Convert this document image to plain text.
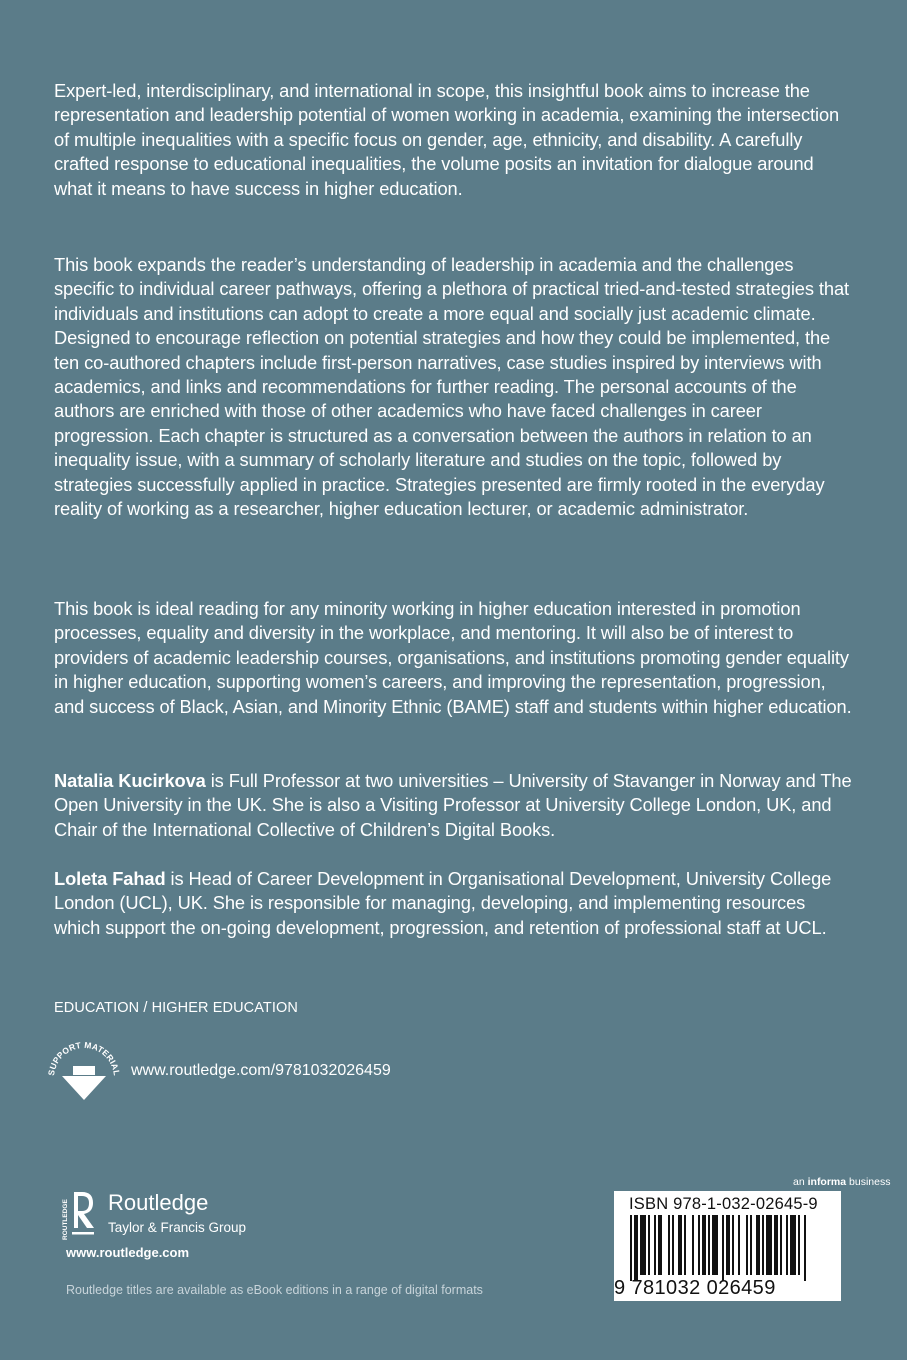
Expert-led, interdisciplinary, and international in scope, this insightful book aims to increase the representation and leadership potential of women working in academia, examining the intersection of multiple inequalities with a specific focus on gender, age, ethnicity, and disability. A carefully crafted response to educational inequalities, the volume posits an invitation for dialogue around what it means to have success in higher education.

This book expands the reader’s understanding of leadership in academia and the challenges specific to individual career pathways, offering a plethora of practical tried-and-tested strategies that individuals and institutions can adopt to create a more equal and socially just academic climate. Designed to encourage reflection on potential strategies and how they could be implemented, the ten co-authored chapters include first-person narratives, case studies inspired by interviews with academics, and links and recommendations for further reading. The personal accounts of the authors are enriched with those of other academics who have faced challenges in career progression. Each chapter is structured as a conversation between the authors in relation to an inequality issue, with a summary of scholarly literature and studies on the topic, followed by strategies successfully applied in practice. Strategies presented are firmly rooted in the everyday reality of working as a researcher, higher education lecturer, or academic administrator.

This book is ideal reading for any minority working in higher education interested in promotion processes, equality and diversity in the workplace, and mentoring. It will also be of interest to providers of academic leadership courses, organisations, and institutions promoting gender equality in higher education, supporting women’s careers, and improving the representation, progression, and success of Black, Asian, and Minority Ethnic (BAME) staff and students within higher education.

Natalia Kucirkova is Full Professor at two universities – University of Stavanger in Norway and The Open University in the UK. She is also a Visiting Professor at University College London, UK, and Chair of the International Collective of Children’s Digital Books.

Loleta Fahad is Head of Career Development in Organisational Development, University College London (UCL), UK. She is responsible for managing, developing, and implementing resources which support the on-going development, progression, and retention of professional staff at UCL.

EDUCATION / HIGHER EDUCATION
SUPPORT MATERIAL www.routledge.com/9781032026459
ROUTLEDGE Routledge
Taylor & Francis Group
www.routledge.com
Routledge titles are available as eBook editions in a range of digital formats
an informa business
ISBN 978-1-032-02645-9
9 781032 026459
